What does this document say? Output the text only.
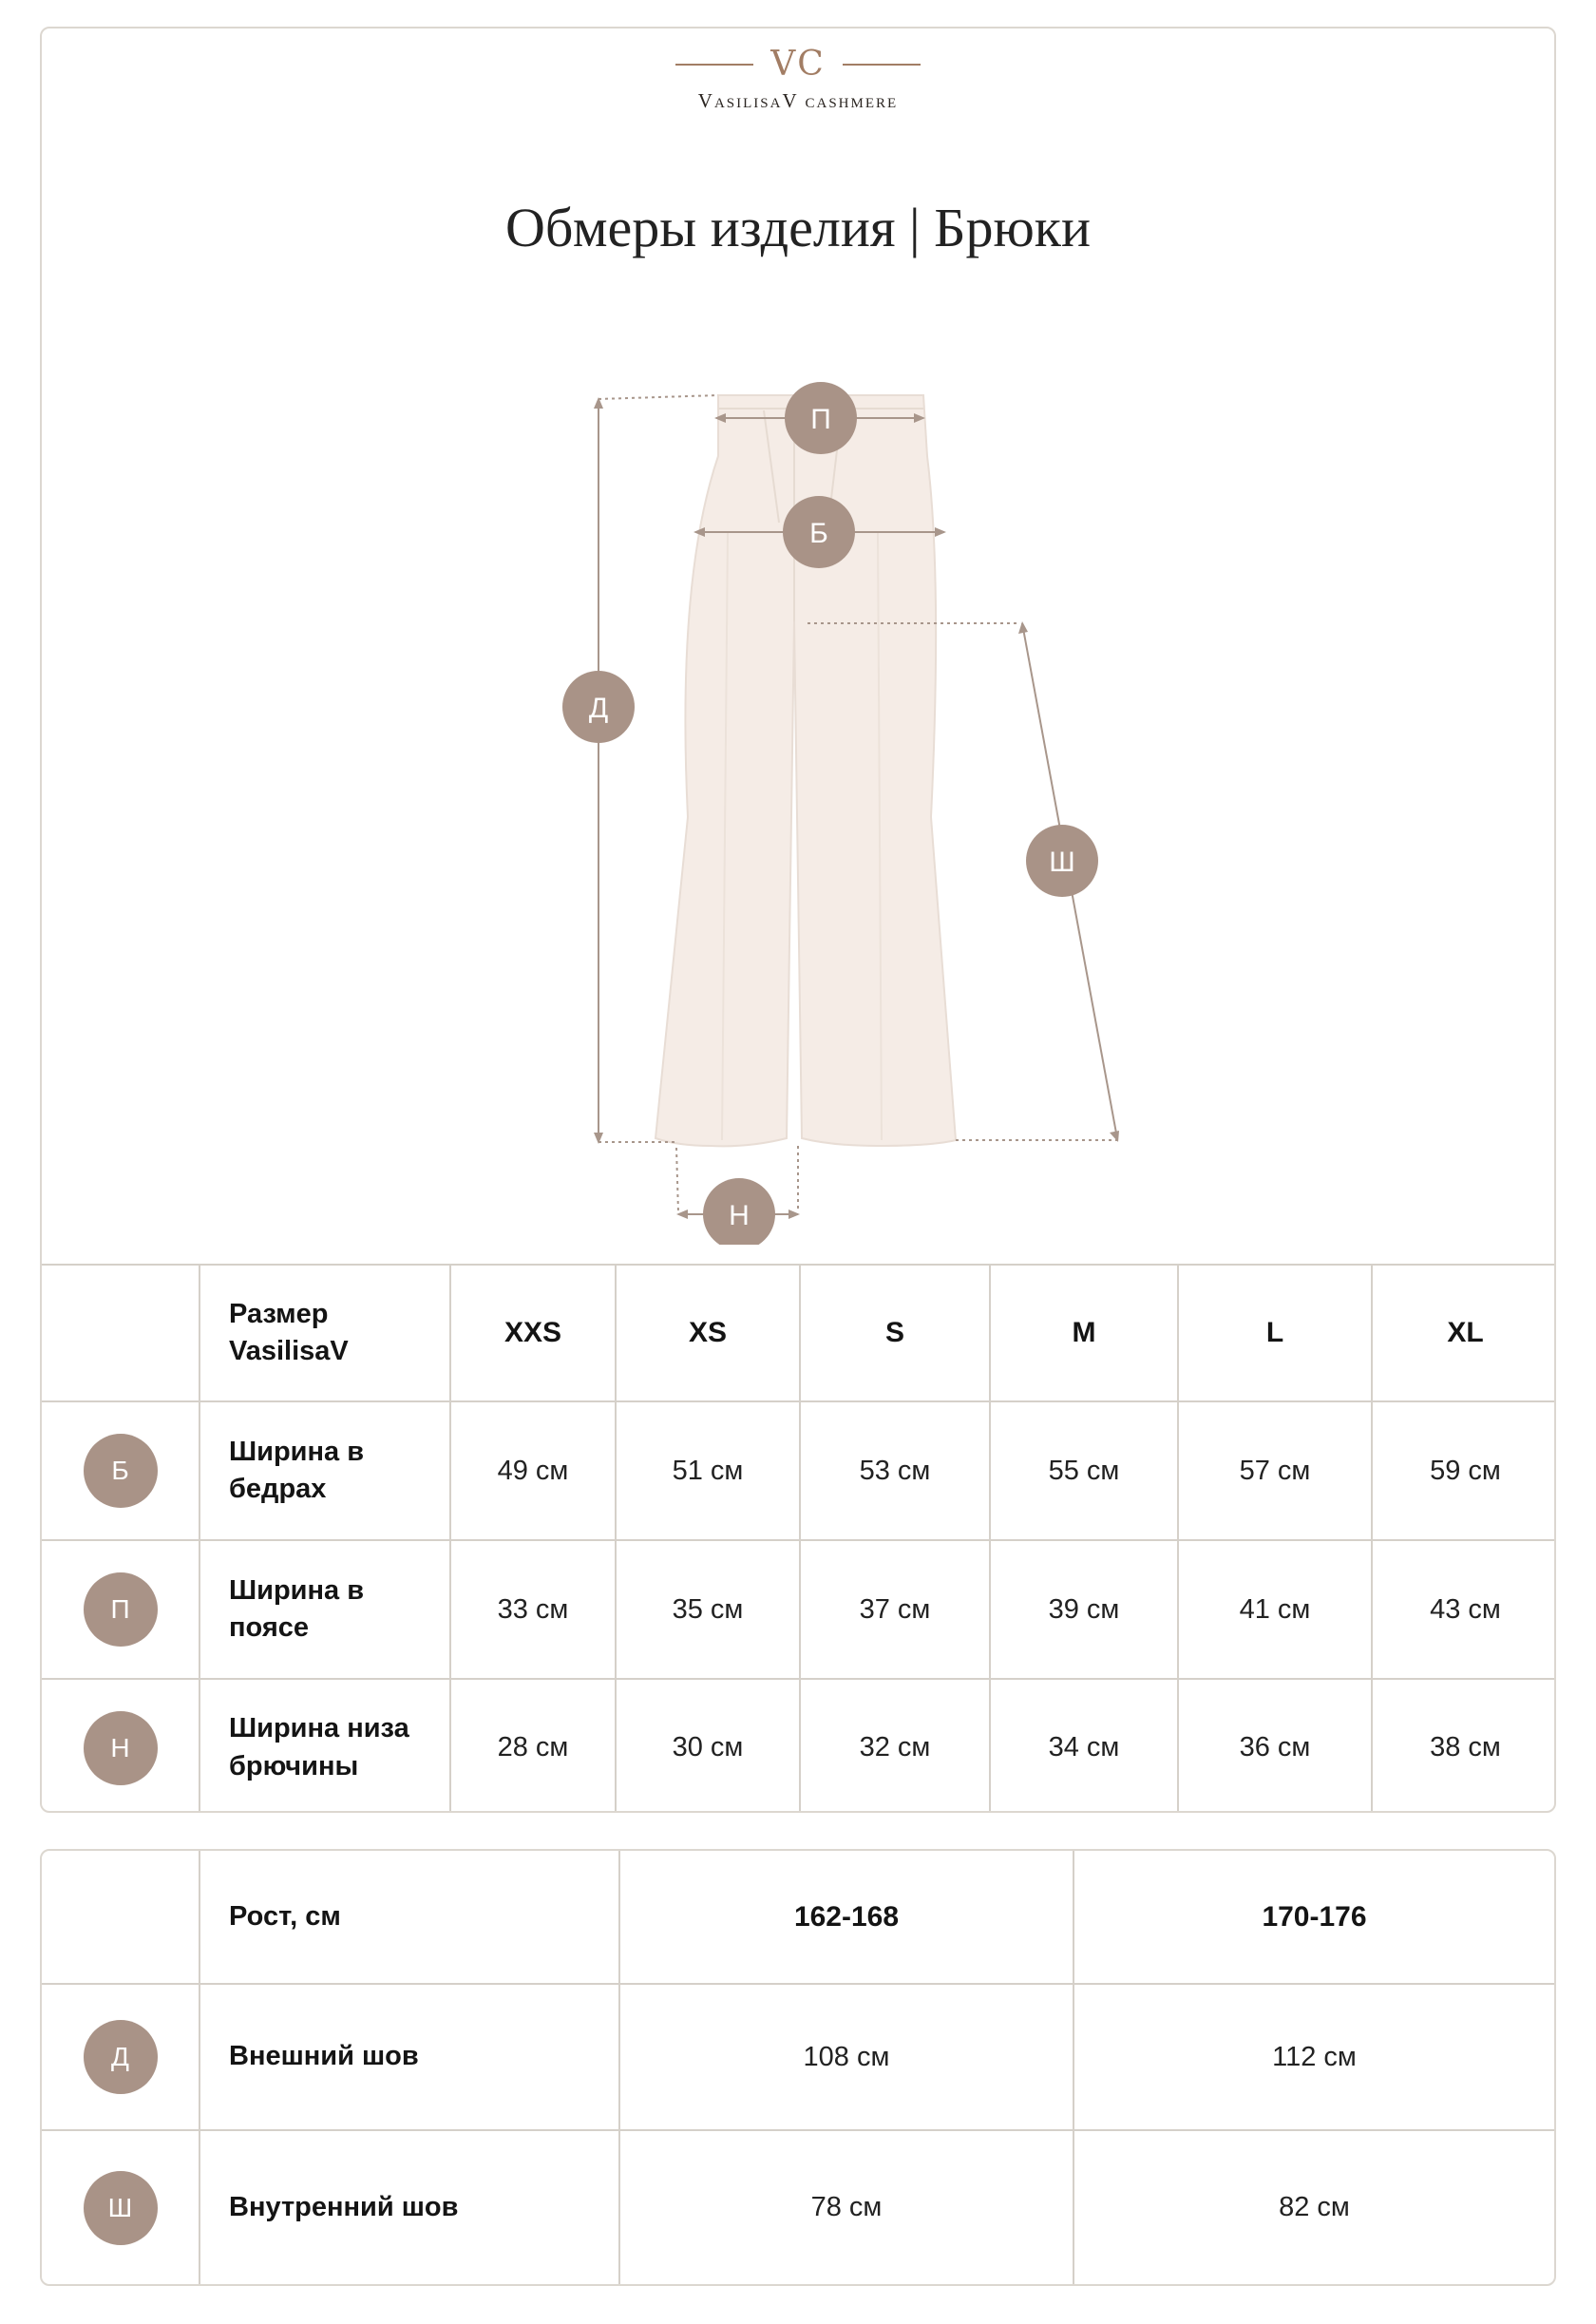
VC
VasilisaV cashmere
Обмеры изделия | Брюки
П
Б
Д
Ш
Н
	Размер VasilisaV	XXS	XS	S	M	L	XL
Б	Ширина в бедрах	49 см	51 см	53 см	55 см	57 см	59 см
П	Ширина в поясе	33 см	35 см	37 см	39 см	41 см	43 см
Н	Ширина низа брючины	28 см	30 см	32 см	34 см	36 см	38 см
	Рост, см	162-168	170-176
Д	Внешний шов	108 см	112 см
Ш	Внутренний шов	78 см	82 см
